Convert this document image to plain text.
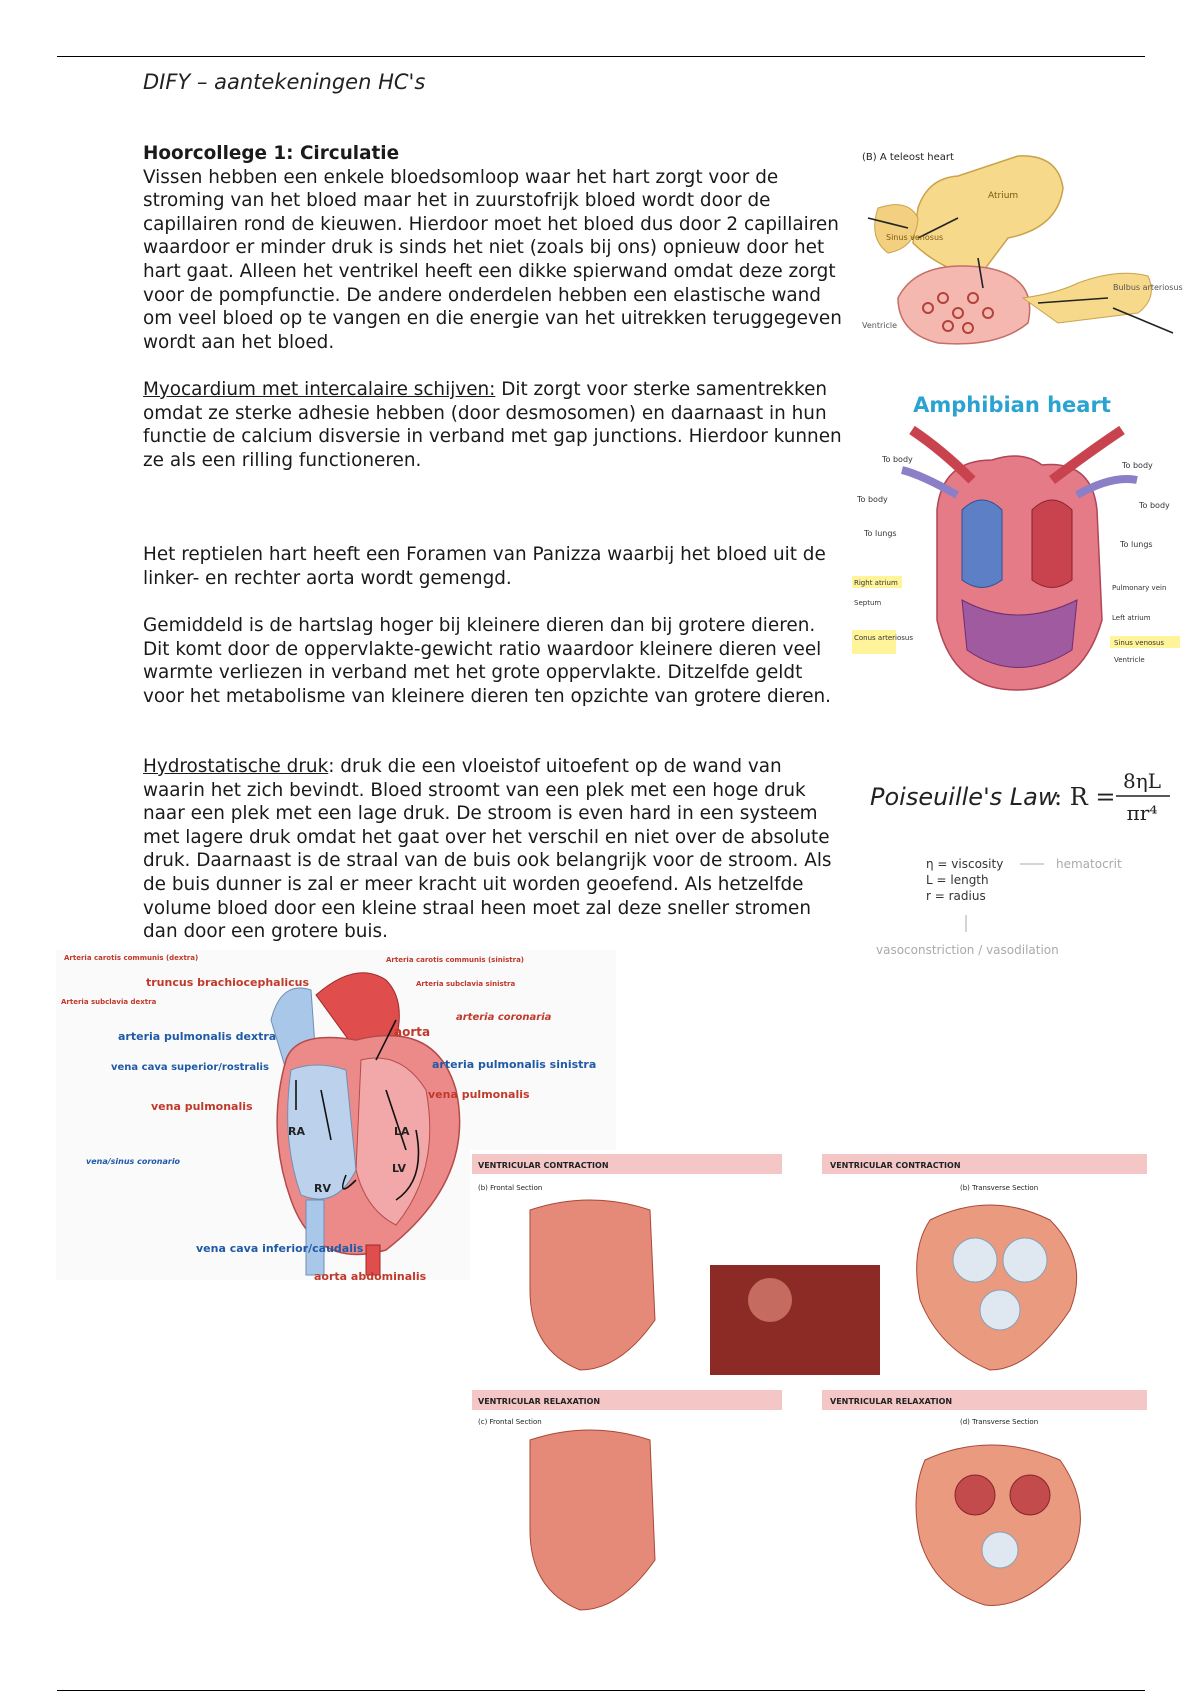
DIFY – aantekeningen HC's

Hoorcollege 1: Circulatie

Vissen hebben een enkele bloedsomloop waar het hart zorgt voor de stroming van het bloed maar het in zuurstofrijk bloed wordt door de capillairen rond de kieuwen. Hierdoor moet het bloed dus door 2 capillairen waardoor er minder druk is sinds het niet (zoals bij ons) opnieuw door het hart gaat. Alleen het ventrikel heeft een dikke spierwand omdat deze zorgt voor de pompfunctie. De andere onderdelen hebben een elastische wand om veel bloed op te vangen en die energie van het uitrekken teruggegeven wordt aan het bloed.

Myocardium met intercalaire schijven: Dit zorgt voor sterke samentrekken omdat ze sterke adhesie hebben (door desmosomen) en daarnaast in hun functie de calcium disversie in verband met gap junctions. Hierdoor kunnen ze als een rilling functioneren.

Het reptielen hart heeft een Foramen van Panizza waarbij het bloed uit de linker- en rechter aorta wordt gemengd.

Gemiddeld is de hartslag hoger bij kleinere dieren dan bij grotere dieren. Dit komt door de oppervlakte-gewicht ratio waardoor kleinere dieren veel warmte verliezen in verband met het grote oppervlakte. Ditzelfde geldt voor het metabolisme van kleinere dieren ten opzichte van grotere dieren.

Hydrostatische druk: druk die een vloeistof uitoefent op de wand van waarin het zich bevindt. Bloed stroomt van een plek met een hoge druk naar een plek met een lage druk. De stroom is even hard in een systeem met lagere druk omdat het gaat over het verschil en niet over de absolute druk. Daarnaast is de straal van de buis ook belangrijk voor de stroom. Als de buis dunner is zal er meer kracht uit worden geoefend. Als hetzelfde volume bloed door een kleine straal heen moet zal deze sneller stromen dan door een grotere buis.

(B) A teleost heart
Atrium
Sinus venosus
Bulbus arteriosus
Ventricle
Amphibian heart
To body
To body
To body
To body
To lungs
To lungs
Right atrium
Septum
Conus arteriosus
Pulmonary vein
Left atrium
Sinus venosus
Ventricle
Poiseuille's Law
: R =
8ηL
πr⁴
η = viscosity	hematocrit
L = length
r = radius
vasoconstriction / vasodilation
Arteria carotis communis (dextra)	Arteria carotis communis (sinistra)
truncus brachiocephalicus	Arteria subclavia sinistra
Arteria subclavia dextra
arteria coronaria
aorta
arteria pulmonalis dextra
vena cava superior/rostralis	arteria pulmonalis sinistra
vena pulmonalis
vena pulmonalis
vena/sinus coronario
vena cava inferior/caudalis
aorta abdominalis
RA	LA
RV
LV	VENTRICULAR CONTRACTION	VENTRICULAR CONTRACTION
(b) Frontal Section	(b) Transverse Section
VENTRICULAR RELAXATION	VENTRICULAR RELAXATION
(c) Frontal Section	(d) Transverse Section
